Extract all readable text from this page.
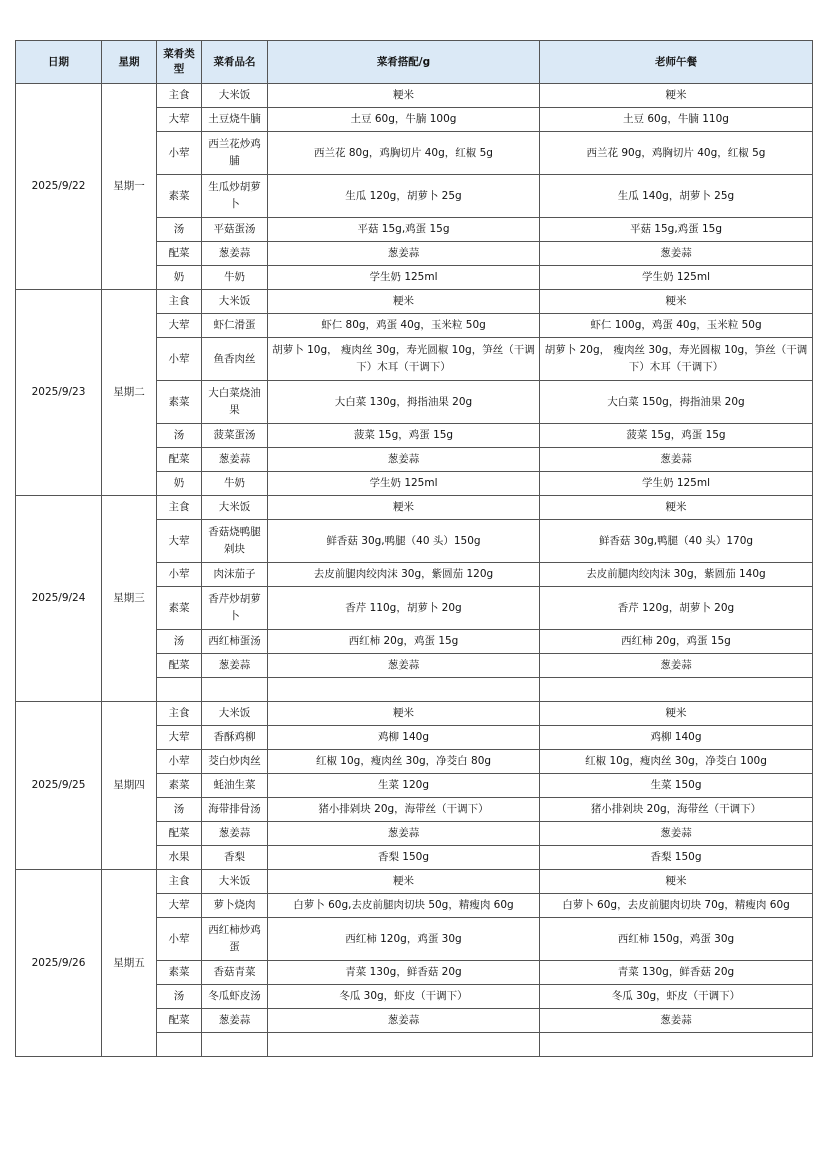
日期	星期	菜肴类型	菜肴品名	菜肴搭配/g	老师午餐
2025/9/22	星期一	主食	大米饭	粳米	粳米
		大荤	土豆烧牛腩	土豆 60g，牛腩 100g	土豆 60g，牛腩 110g
		小荤	西兰花炒鸡脯	西兰花 80g，鸡胸切片 40g，红椒 5g	西兰花 90g，鸡胸切片 40g，红椒 5g
		素菜	生瓜炒胡萝卜	生瓜 120g，胡萝卜 25g	生瓜 140g，胡萝卜 25g
		汤	平菇蛋汤	平菇 15g,鸡蛋 15g	平菇 15g,鸡蛋 15g
		配菜	葱姜蒜	葱姜蒜	葱姜蒜
		奶	牛奶	学生奶 125ml	学生奶 125ml
2025/9/23	星期二	主食	大米饭	粳米	粳米
		大荤	虾仁滑蛋	虾仁 80g，鸡蛋 40g，玉米粒 50g	虾仁 100g，鸡蛋 40g，玉米粒 50g
		小荤	鱼香肉丝	胡萝卜 10g， 瘦肉丝 30g，寿光圆椒 10g，笋丝（干调下）木耳（干调下）	胡萝卜 20g， 瘦肉丝 30g，寿光圆椒 10g，笋丝（干调下）木耳（干调下）
		素菜	大白菜烧油果	大白菜 130g，拇指油果 20g	大白菜 150g，拇指油果 20g
		汤	菠菜蛋汤	菠菜 15g，鸡蛋 15g	菠菜 15g，鸡蛋 15g
		配菜	葱姜蒜	葱姜蒜	葱姜蒜
		奶	牛奶	学生奶 125ml	学生奶 125ml
2025/9/24	星期三	主食	大米饭	粳米	粳米
		大荤	香菇烧鸭腿剁块	鲜香菇 30g,鸭腿（40 头）150g	鲜香菇 30g,鸭腿（40 头）170g
		小荤	肉沫茄子	去皮前腿肉绞肉沫 30g，紫圆茄 120g	去皮前腿肉绞肉沫 30g，紫圆茄 140g
		素菜	香芹炒胡萝卜	香芹 110g，胡萝卜 20g	香芹 120g，胡萝卜 20g
		汤	西红柿蛋汤	西红柿 20g，鸡蛋 15g	西红柿 20g，鸡蛋 15g
		配菜	葱姜蒜	葱姜蒜	葱姜蒜

2025/9/25	星期四	主食	大米饭	粳米	粳米
		大荤	香酥鸡柳	鸡柳 140g	鸡柳 140g
		小荤	茭白炒肉丝	红椒 10g，瘦肉丝 30g，净茭白 80g	红椒 10g，瘦肉丝 30g，净茭白 100g
		素菜	蚝油生菜	生菜 120g	生菜 150g
		汤	海带排骨汤	猪小排剁块 20g，海带丝（干调下）	猪小排剁块 20g，海带丝（干调下）
		配菜	葱姜蒜	葱姜蒜	葱姜蒜
		水果	香梨	香梨 150g	香梨 150g
2025/9/26	星期五	主食	大米饭	粳米	粳米
		大荤	萝卜烧肉	白萝卜 60g,去皮前腿肉切块 50g，精瘦肉 60g	白萝卜 60g，去皮前腿肉切块 70g，精瘦肉 60g
		小荤	西红柿炒鸡蛋	西红柿 120g，鸡蛋 30g	西红柿 150g，鸡蛋 30g
		素菜	香菇青菜	青菜 130g，鲜香菇 20g	青菜 130g，鲜香菇 20g
		汤	冬瓜虾皮汤	冬瓜 30g，虾皮（干调下）	冬瓜 30g，虾皮（干调下）
		配菜	葱姜蒜	葱姜蒜	葱姜蒜
